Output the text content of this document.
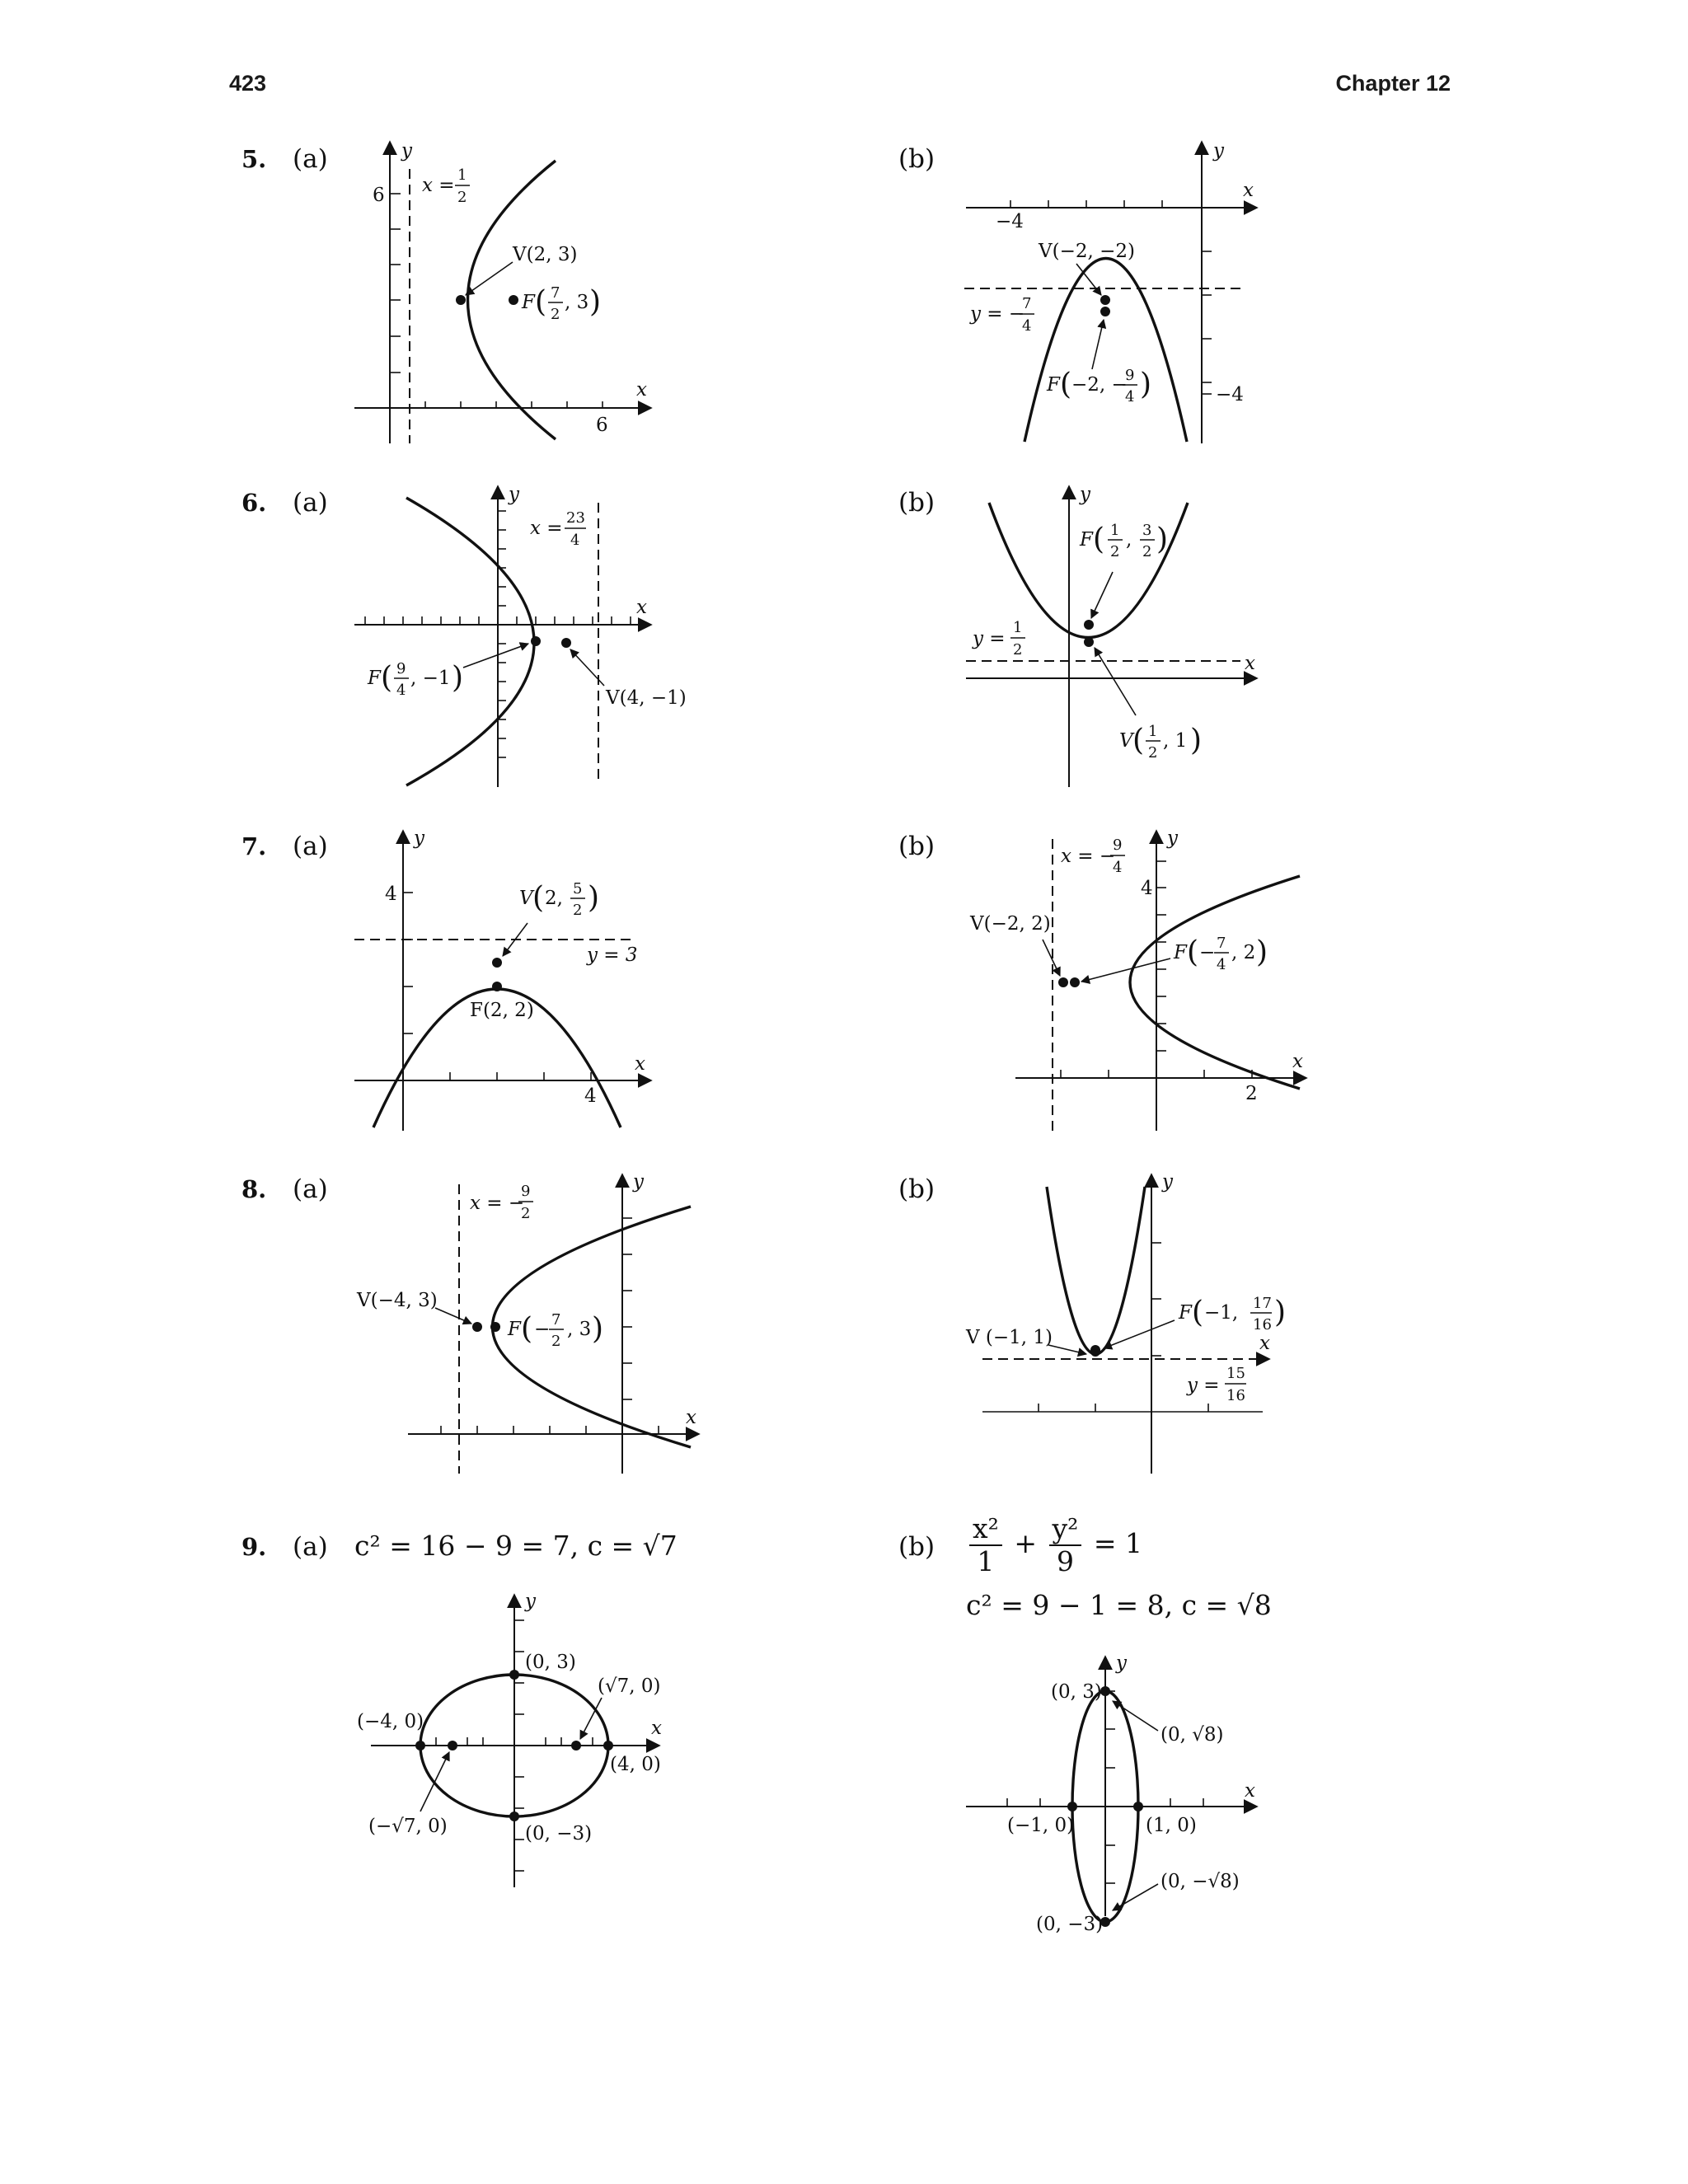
423	Chapter 12
5. (a)	(b)
6. (a)	(b)
7. (a)	(b)
8. (a)	(b)
9. (a) c² = 16 − 9 = 7, c = √7	$(b) \frac{\text{x²}}{1} + \frac{\text{y²}}{9} = 1$
c² = 9 − 1 = 8, c = √8
y
x
6
6
x = 1
2
V(2, 3)
F ( 7
2
, 3 )
y
x
−4
−4
y = −
7
4
V(−2, −2)
F ( −2, −
9
4 )
y
x
x = 23
4
V(4, −1)
F ( 9
4
, −1 )
y
x
y =
1
2
F ( 1
2
, 3
2 )
V ( 1
2
, 1 )
y
x
4
4
y = 3
F(2, 2)
V ( 2, 5
2 )
y
x
4
2
x = −
9
4
V(−2, 2)
F ( − 7
4
, 2 )
y
x
x = −
9
2
V(−4, 3)
F ( − 7
2
, 3 )
y
x
y =
15
16
V (−1, 1)
F ( −1, 17
16 )
y
x
(0, 3)
(√7, 0)
(−4, 0)
(4, 0)
(−√7, 0)	(0, −3)
y
x
(0, 3)
(0, √8)
(−1, 0)	(1, 0)
(0, −√8)
(0, −3)
